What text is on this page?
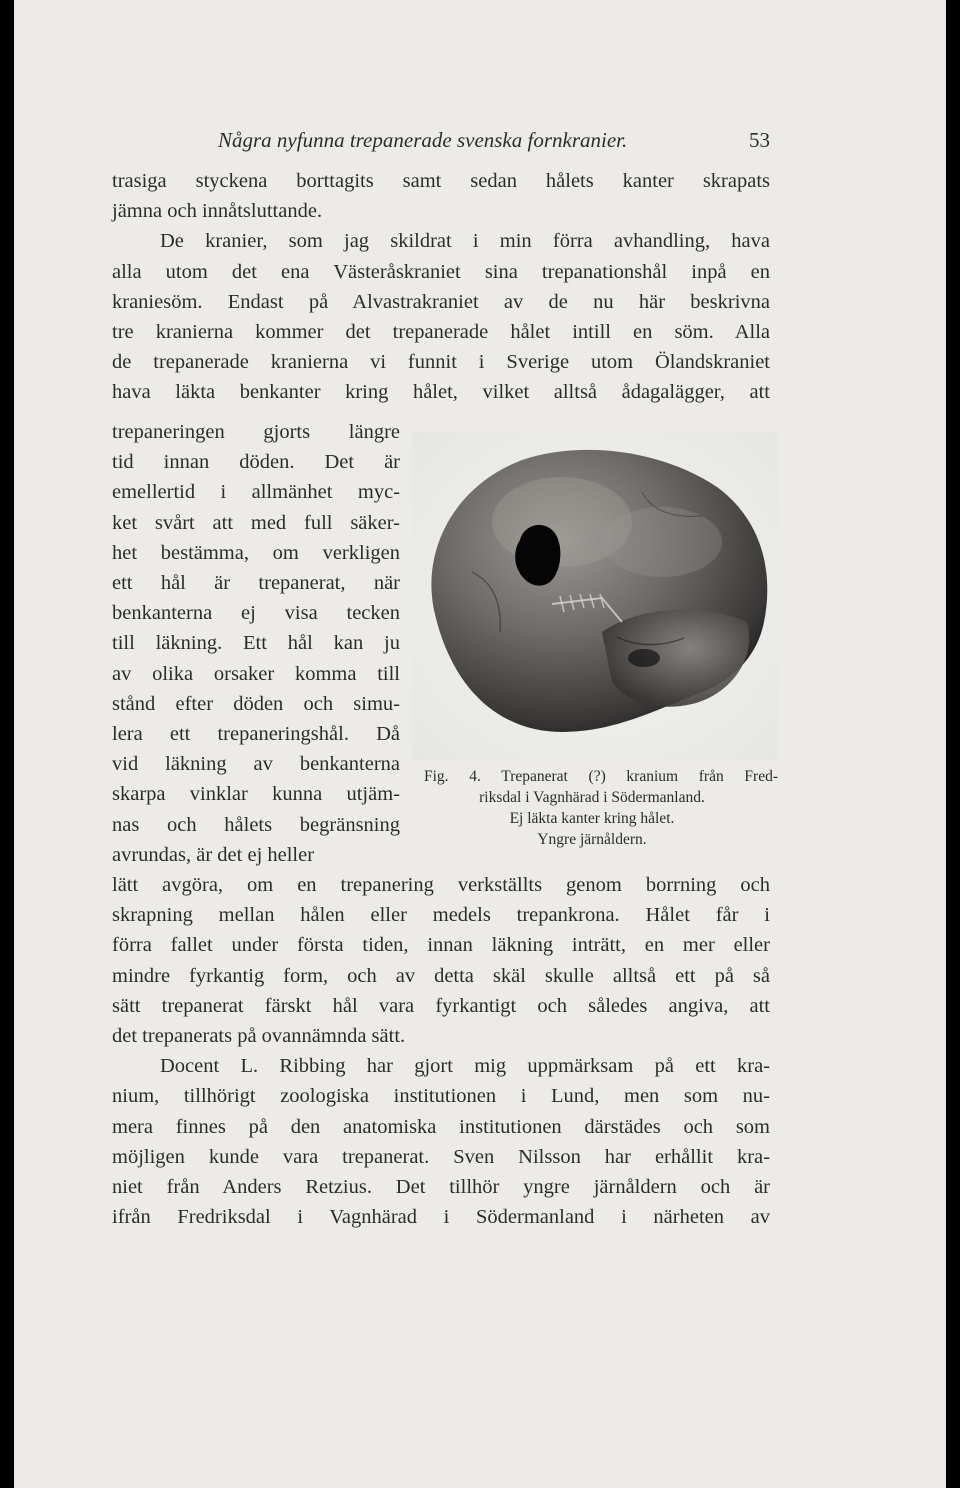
Några nyfunna trepanerade svenska fornkranier.	53
trasiga styckena borttagits samt sedan hålets kanter skrapats
jämna och innåtsluttande.
De kranier, som jag skildrat i min förra avhandling, hava
alla utom det ena Västeråskraniet sina trepanationshål inpå en
kraniesöm. Endast på Alvastrakraniet av de nu här beskrivna
tre kranierna kommer det trepanerade hålet intill en söm. Alla
de trepanerade kranierna vi funnit i Sverige utom Ölandskraniet
hava läkta benkanter kring hålet, vilket alltså ådagalägger, att
trepaneringen gjorts längre
tid innan döden. Det är
emellertid i allmänhet myc-
ket svårt att med full säker-
het bestämma, om verkligen
ett hål är trepanerat, när
benkanterna ej visa tecken
till läkning. Ett hål kan ju
av olika orsaker komma till
stånd efter döden och simu-
lera ett trepaneringshål. Då
vid läkning av benkanterna
skarpa vinklar kunna utjäm-
nas och hålets begränsning
avrundas, är det ej heller
lätt avgöra, om en trepanering verkställts genom borrning och
skrapning mellan hålen eller medels trepankrona. Hålet får i
förra fallet under första tiden, innan läkning inträtt, en mer eller
mindre fyrkantig form, och av detta skäl skulle alltså ett på så
sätt trepanerat färskt hål vara fyrkantigt och således angiva, att
det trepanerats på ovannämnda sätt.
Docent L. Ribbing har gjort mig uppmärksam på ett kra-
nium, tillhörigt zoologiska institutionen i Lund, men som nu-
mera finnes på den anatomiska institutionen därstädes och som
möjligen kunde vara trepanerat. Sven Nilsson har erhållit kra-
niet från Anders Retzius. Det tillhör yngre järnåldern och är
ifrån Fredriksdal i Vagnhärad i Södermanland i närheten av
Fig. 4. Trepanerat (?) kranium från Fred-
riksdal i Vagnhärad i Södermanland.
Ej läkta kanter kring hålet.
Yngre järnåldern.
